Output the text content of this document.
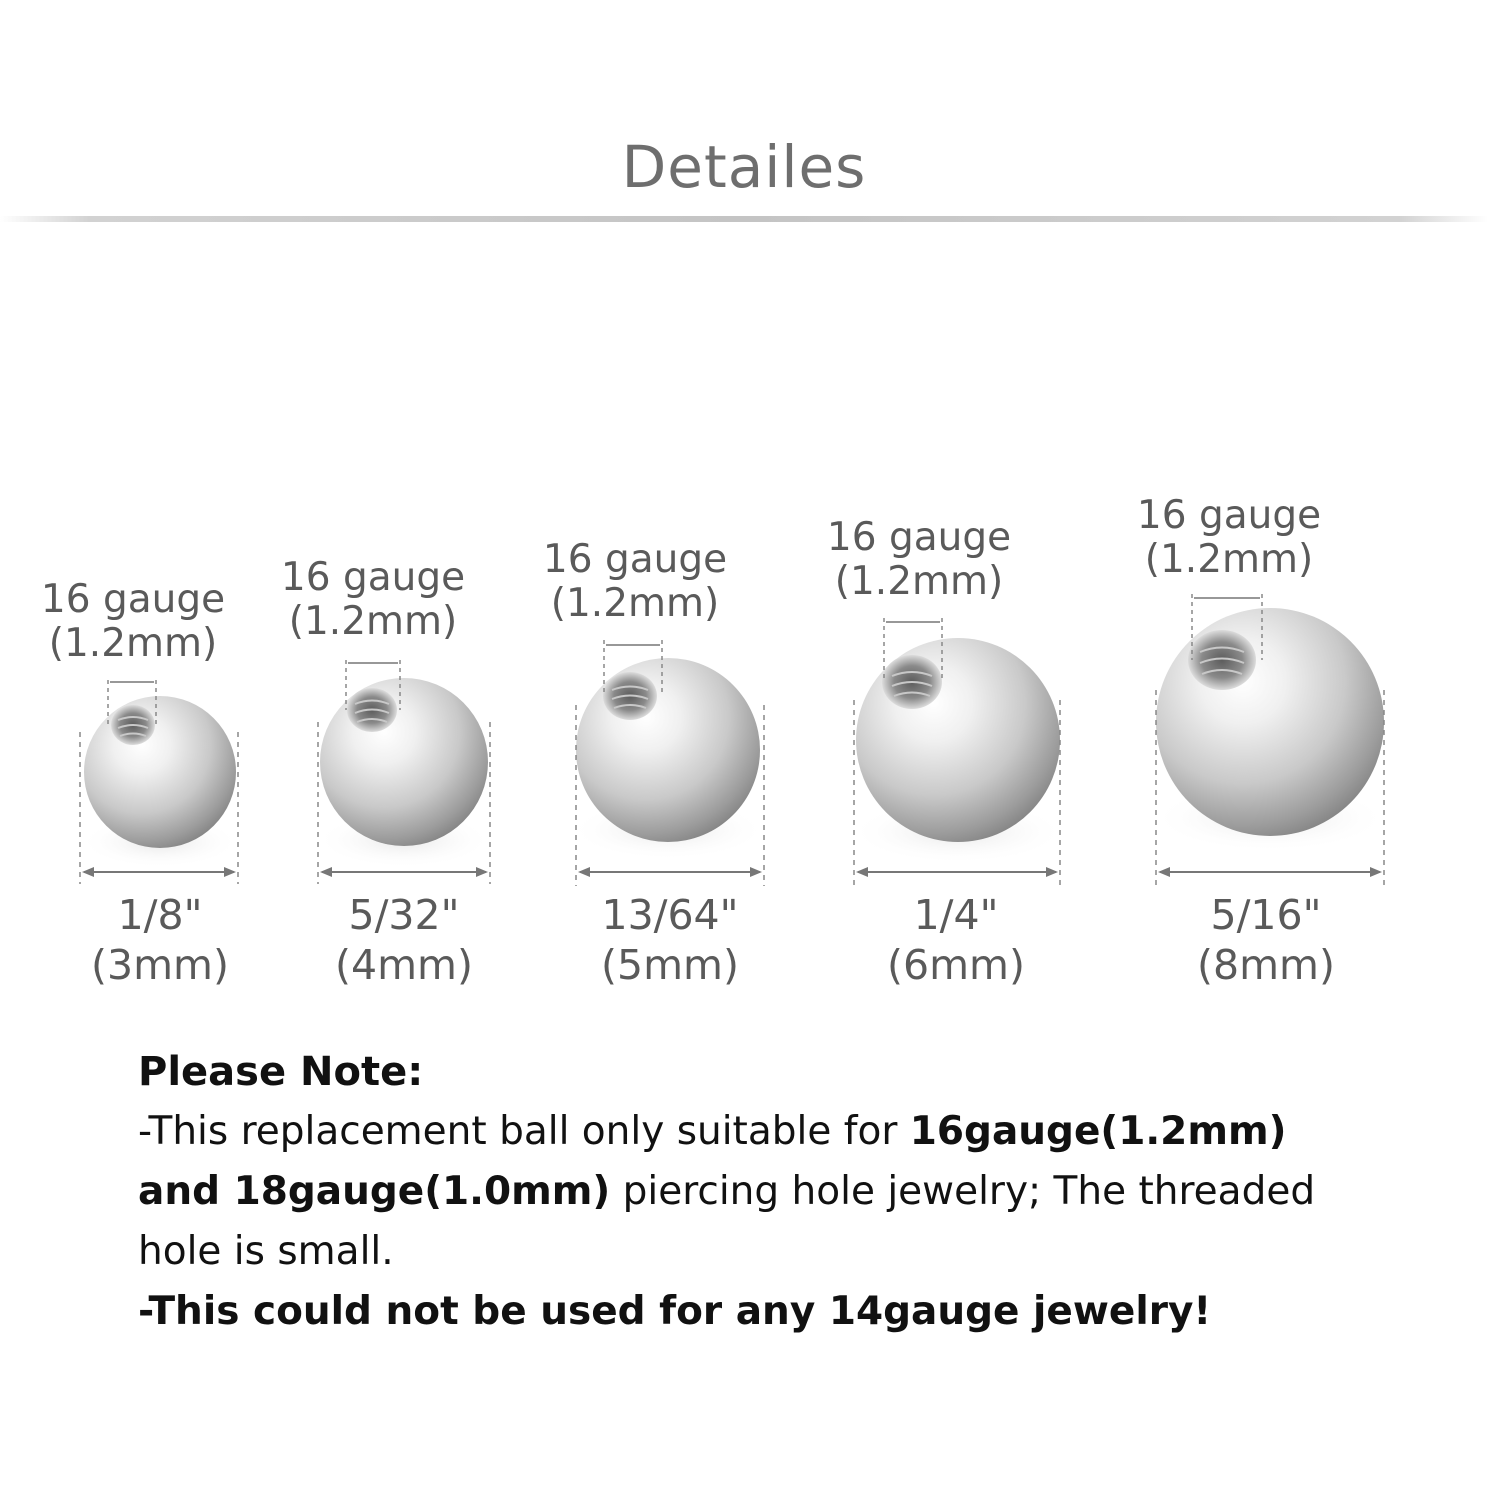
Detailes
16 gauge
(1.2mm)
16 gauge
(1.2mm)
16 gauge
(1.2mm)
16 gauge
(1.2mm)
16 gauge
(1.2mm)
1/8"
(3mm)
5/32"
(4mm)
13/64"
(5mm)
1/4"
(6mm)
5/16"
(8mm)
Please Note:
-This replacement ball only suitable for 16gauge(1.2mm)
and 18gauge(1.0mm) piercing hole jewelry; The threaded
hole is small.
-This could not be used for any 14gauge jewelry!
